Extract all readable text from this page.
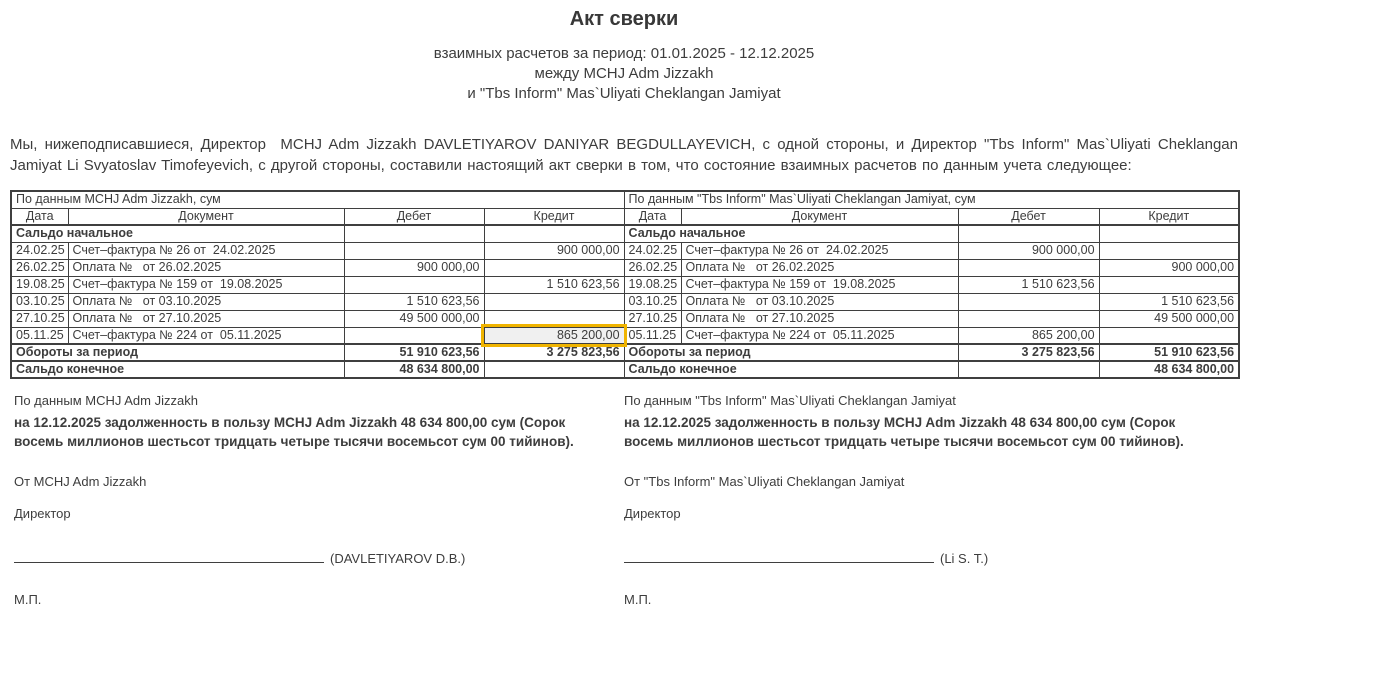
Акт сверки
взаимных расчетов за период: 01.01.2025 - 12.12.2025
между MCHJ Adm Jizzakh
и "Tbs Inform" Mas`Uliyati Cheklangan Jamiyat

Мы, нижеподписавшиеся, Директор  MCHJ Adm Jizzakh DAVLETIYAROV DANIYAR BEGDULLAYEVICH, с одной стороны, и Директор "Tbs Inform" Mas`Uliyati Cheklangan Jamiyat Li Svyatoslav Timofeyevich, с другой стороны, составили настоящий акт сверки в том, что состояние взаимных расчетов по данным учета следующее:

По данным MCHJ Adm Jizzakh, сум				По данным "Tbs Inform" Mas`Uliyati Cheklangan Jamiyat, сум			
Дата	Документ	Дебет	Кредит	Дата	Документ	Дебет	Кредит
Сальдо начальное				Сальдо начальное			
24.02.25	Счет–фактура № 26 от  24.02.2025		900 000,00	24.02.25	Счет–фактура № 26 от  24.02.2025	900 000,00	
26.02.25	Оплата №   от 26.02.2025	900 000,00		26.02.25	Оплата №   от 26.02.2025		900 000,00
19.08.25	Счет–фактура № 159 от  19.08.2025		1 510 623,56	19.08.25	Счет–фактура № 159 от  19.08.2025	1 510 623,56	
03.10.25	Оплата №   от 03.10.2025	1 510 623,56		03.10.25	Оплата №   от 03.10.2025		1 510 623,56
27.10.25	Оплата №   от 27.10.2025	49 500 000,00		27.10.25	Оплата №   от 27.10.2025		49 500 000,00
05.11.25	Счет–фактура № 224 от  05.11.2025		865 200,00	05.11.25	Счет–фактура № 224 от  05.11.2025	865 200,00	
Обороты за период		51 910 623,56	3 275 823,56	Обороты за период		3 275 823,56	51 910 623,56
Сальдо конечное		48 634 800,00		Сальдо конечное			48 634 800,00
По данным MCHJ Adm Jizzakh
на 12.12.2025 задолженность в пользу MCHJ Adm Jizzakh 48 634 800,00 сум (Сорок восемь миллионов шестьсот тридцать четыре тысячи восемьсот сум 00 тийинов).
От MCHJ Adm Jizzakh
Директор
(DAVLETIYAROV D.B.)
М.П.
По данным "Tbs Inform" Mas`Uliyati Cheklangan Jamiyat
на 12.12.2025 задолженность в пользу MCHJ Adm Jizzakh 48 634 800,00 сум (Сорок восемь миллионов шестьсот тридцать четыре тысячи восемьсот сум 00 тийинов).
От "Tbs Inform" Mas`Uliyati Cheklangan Jamiyat
Директор
(Li S. T.)
М.П.
